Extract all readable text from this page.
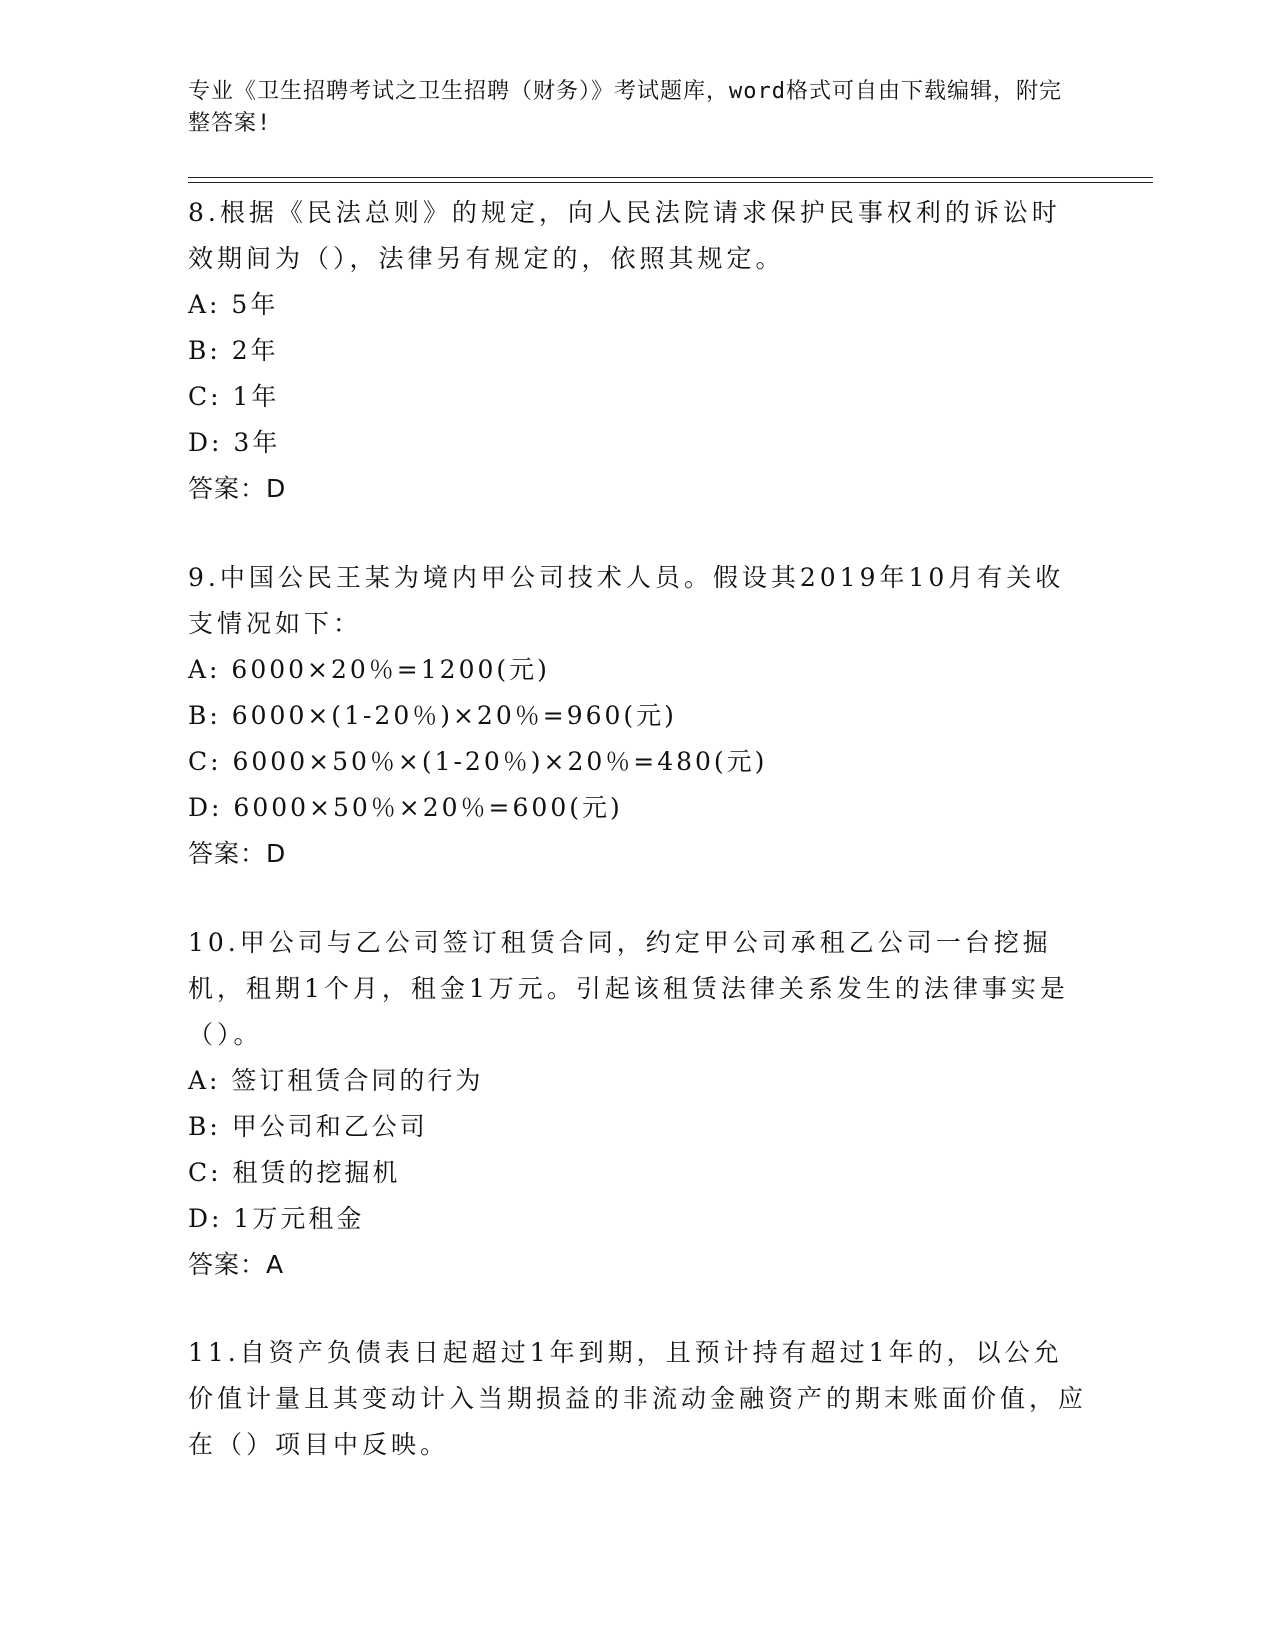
专业《卫生招聘考试之卫生招聘（财务）》考试题库，word格式可自由下载编辑，附完整答案!

8.根据《民法总则》的规定，向人民法院请求保护民事权利的诉讼时效期间为（），法律另有规定的，依照其规定。

A: 5年
B: 2年
C: 1年
D: 3年
答案：D

9.中国公民王某为境内甲公司技术人员。假设其2019年10月有关收支情况如下：

A: 6000×20％=1200(元)
B: 6000×(1-20％)×20％=960(元)
C: 6000×50％×(1-20％)×20％=480(元)
D: 6000×50％×20％=600(元)
答案：D

10.甲公司与乙公司签订租赁合同，约定甲公司承租乙公司一台挖掘机，租期1个月，租金1万元。引起该租赁法律关系发生的法律事实是（）。

A: 签订租赁合同的行为
B: 甲公司和乙公司
C: 租赁的挖掘机
D: 1万元租金
答案：A

11.自资产负债表日起超过1年到期，且预计持有超过1年的，以公允价值计量且其变动计入当期损益的非流动金融资产的期末账面价值，应在（）项目中反映。
